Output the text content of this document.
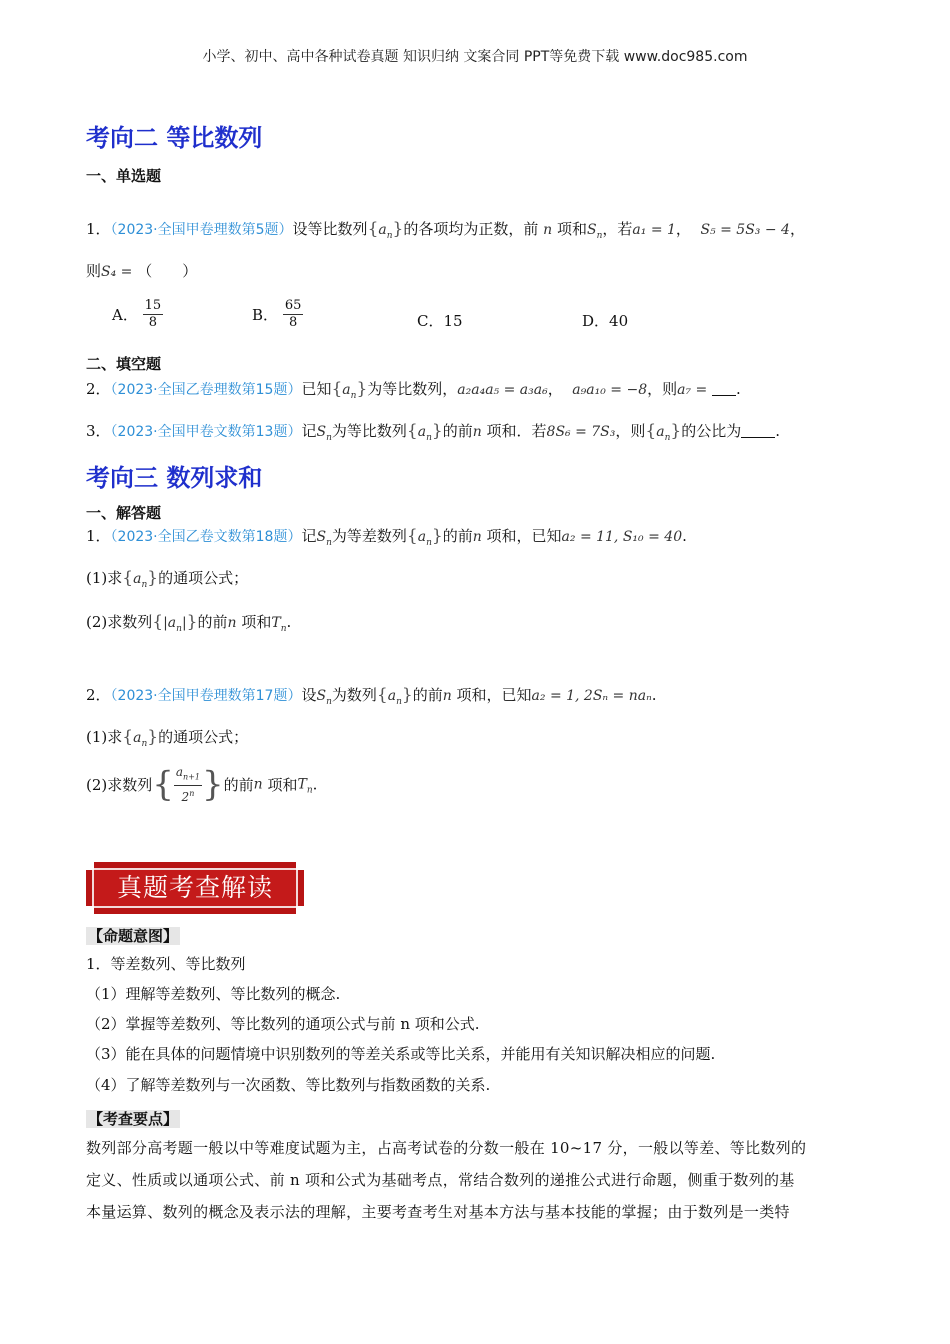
小学、初中、高中各种试卷真题 知识归纳 文案合同 PPT等免费下载 www.doc985.com
考向二 等比数列
一、单选题
1．（2023·全国甲卷理数第5题）设等比数列$\{a_n\}$的各项均为正数，前 n 项和$S_n$，若a₁ = 1， S₅ = 5S₃ − 4，
则S₄ = （　　）
A． $\frac{15}{8}$	B． $\frac{65}{8}$	C．15	D．40
二、填空题
2．（2023·全国乙卷理数第15题）已知$\{a_n\}$为等比数列，a₂a₄a₅ = a₃a₆， a₉a₁₀ = −8，则a₇ = .
3．（2023·全国甲卷文数第13题）记$S_n$为等比数列$\{a_n\}$的前n 项和．若8S₆ = 7S₃，则$\{a_n\}$的公比为 .
考向三 数列求和
一、解答题
1．（2023·全国乙卷文数第18题）记$S_n$为等差数列$\{a_n\}$的前n 项和，已知a₂ = 11, S₁₀ = 40.
(1)求$\{a_n\}$的通项公式；
(2)求数列$\{|a_n|\}$的前n 项和$T_n$.
2．（2023·全国甲卷理数第17题）设$S_n$为数列$\{a_n\}$的前n 项和，已知a₂ = 1, 2Sₙ = naₙ.
(1)求$\{a_n\}$的通项公式；
(2)求数列{ $\frac{a_{n+1}}{2^n}$ }的前n 项和$T_n$.
真题考查解读
【命题意图】
1．等差数列、等比数列
（1）理解等差数列、等比数列的概念.
（2）掌握等差数列、等比数列的通项公式与前 n 项和公式.
（3）能在具体的问题情境中识别数列的等差关系或等比关系，并能用有关知识解决相应的问题.
（4）了解等差数列与一次函数、等比数列与指数函数的关系.
【考查要点】
数列部分高考题一般以中等难度试题为主，占高考试卷的分数一般在 10~17 分，一般以等差、等比数列的
定义、性质或以通项公式、前 n 项和公式为基础考点，常结合数列的递推公式进行命题，侧重于数列的基
本量运算、数列的概念及表示法的理解，主要考查考生对基本方法与基本技能的掌握；由于数列是一类特
